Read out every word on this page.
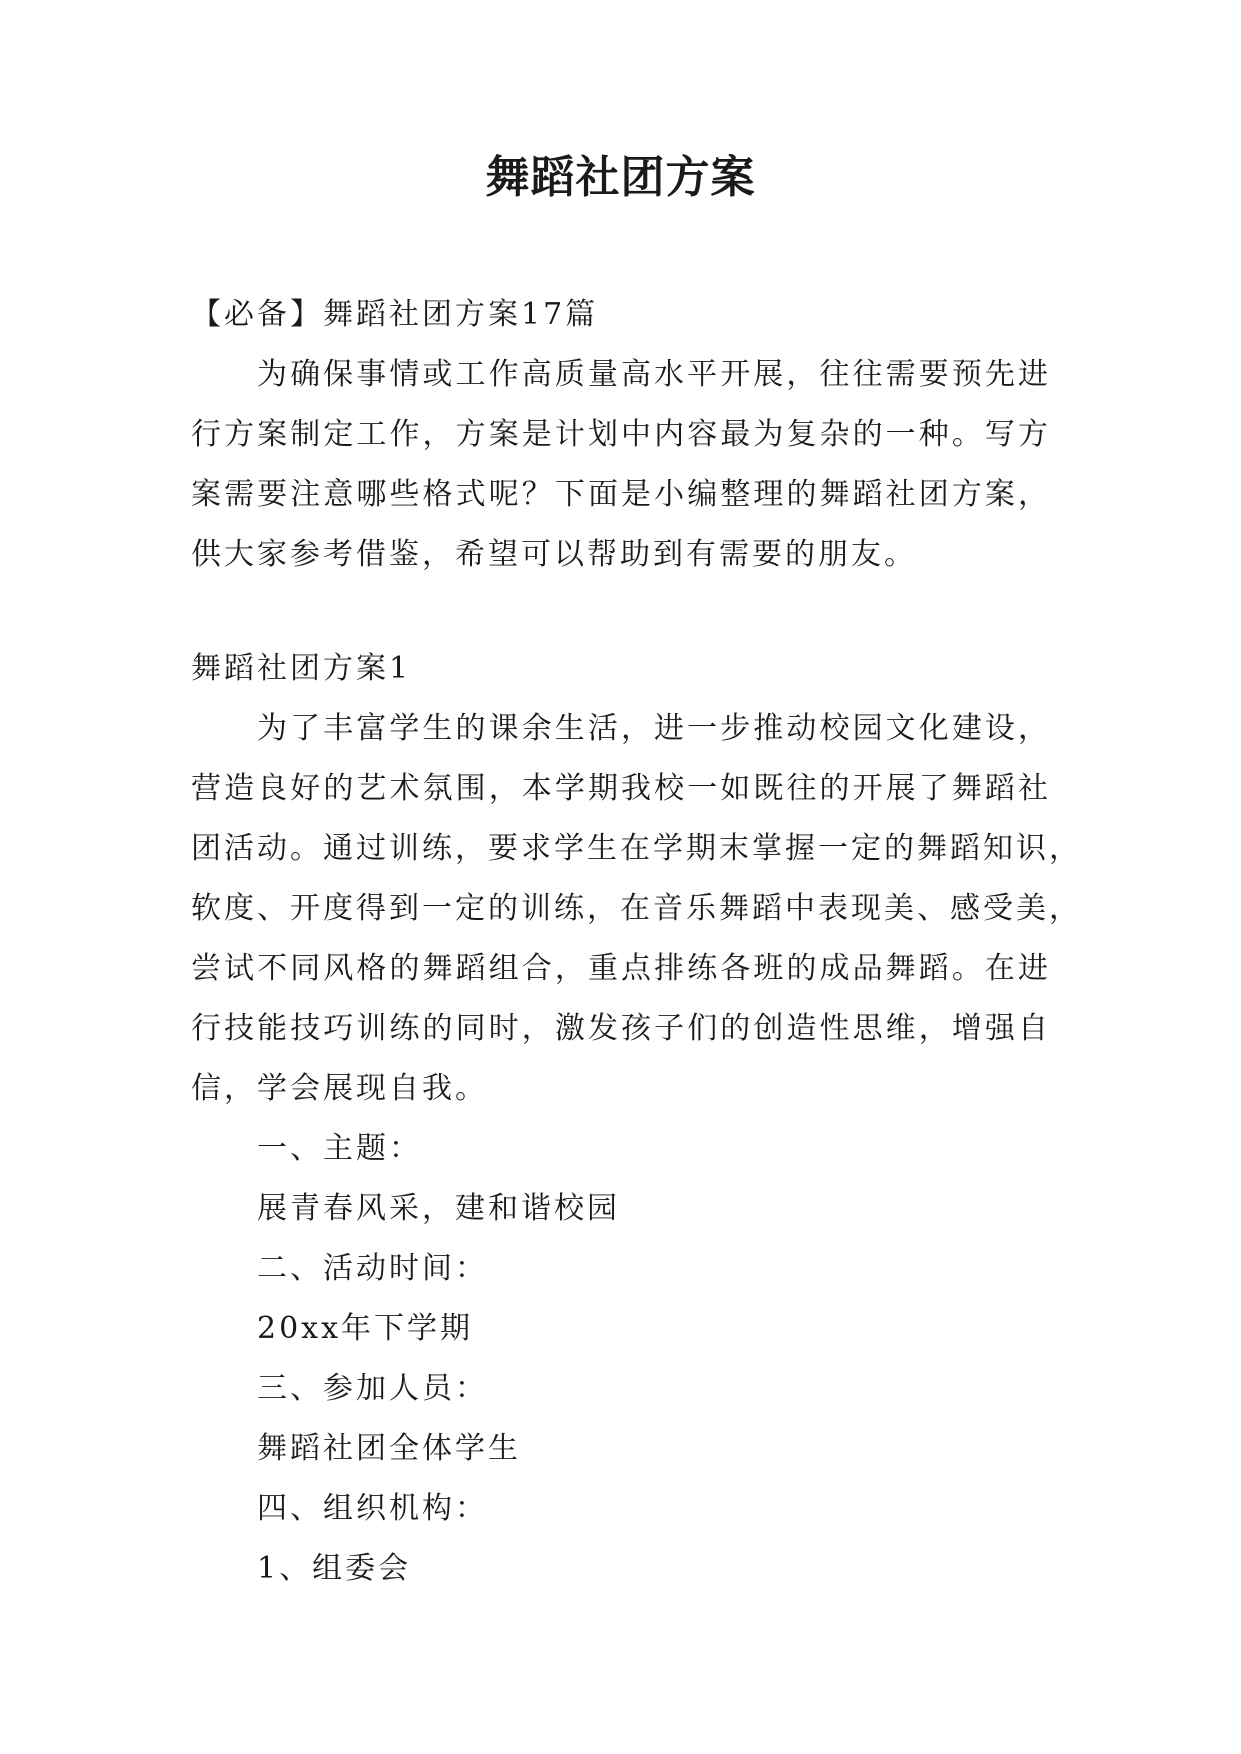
舞蹈社团方案
【必备】舞蹈社团方案17篇
为确保事情或工作高质量高水平开展，往往需要预先进
行方案制定工作，方案是计划中内容最为复杂的一种。写方
案需要注意哪些格式呢？下面是小编整理的舞蹈社团方案，
供大家参考借鉴，希望可以帮助到有需要的朋友。
舞蹈社团方案1
为了丰富学生的课余生活，进一步推动校园文化建设，
营造良好的艺术氛围，本学期我校一如既往的开展了舞蹈社
团活动。通过训练，要求学生在学期末掌握一定的舞蹈知识，
软度、开度得到一定的训练，在音乐舞蹈中表现美、感受美，
尝试不同风格的舞蹈组合，重点排练各班的成品舞蹈。在进
行技能技巧训练的同时，激发孩子们的创造性思维，增强自
信，学会展现自我。
一、主题：
展青春风采，建和谐校园
二、活动时间：
20xx年下学期
三、参加人员：
舞蹈社团全体学生
四、组织机构：
1、组委会
